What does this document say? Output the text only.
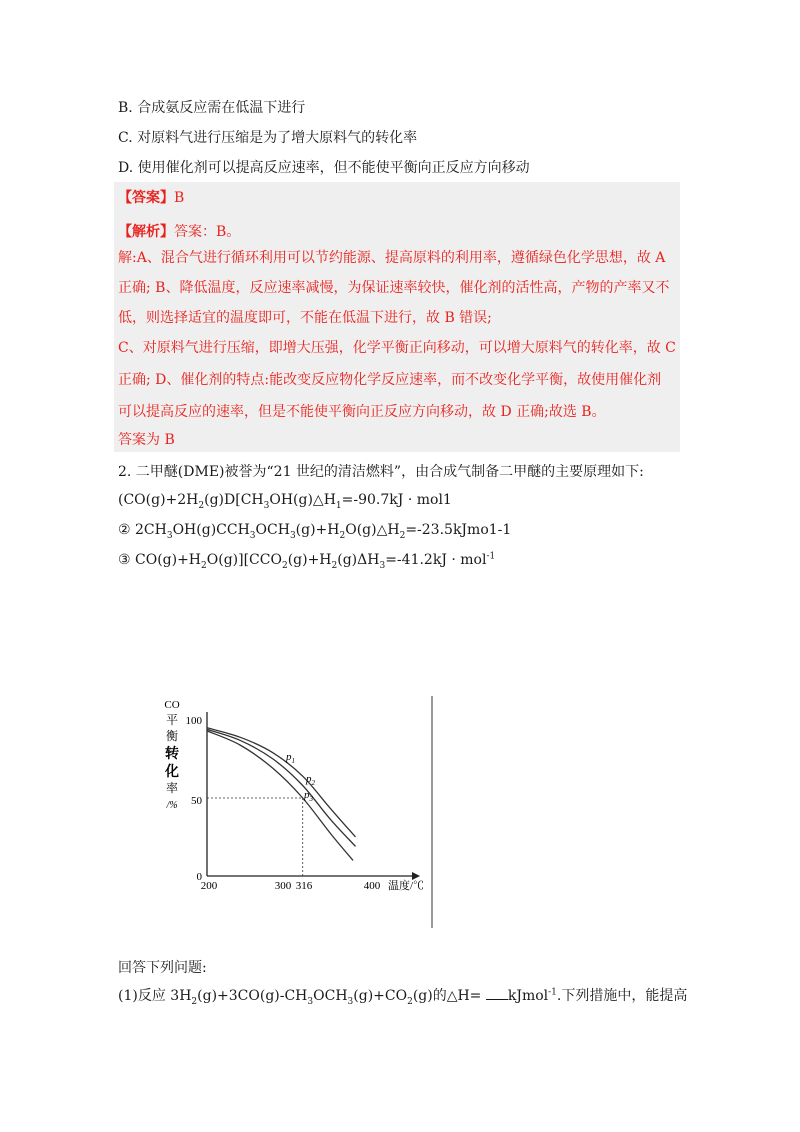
B. 合成氨反应需在低温下进行
C. 对原料气进行压缩是为了增大原料气的转化率
D. 使用催化剂可以提高反应速率，但不能使平衡向正反应方向移动
【答案】B
【解析】答案：B。
解:A、混合气进行循环利用可以节约能源、提高原料的利用率，遵循绿色化学思想，故 A
正确; B、降低温度，反应速率减慢，为保证速率较快，催化剂的活性高，产物的产率又不
低，则选择适宜的温度即可，不能在低温下进行，故 B 错误;
C、对原料气进行压缩，即增大压强，化学平衡正向移动，可以增大原料气的转化率，故 C
正确; D、催化剂的特点:能改变反应物化学反应速率，而不改变化学平衡，故使用催化剂
可以提高反应的速率，但是不能使平衡向正反应方向移动，故 D 正确;故选 B。
答案为 B
2. 二甲醚(DME)被誉为“21 世纪的清洁燃料”，由合成气制备二甲醚的主要原理如下:
($CO(g)+2H_2(g)D[CH_3OH(g)\triangle H_1=-90.7kJ \cdot mol1$
② $2CH_3OH(g)CCH_3OCH_3(g)+H_2O(g)\triangle H_2=-23.5kJmo1-1$
③ $CO(g)+H_2O(g)][CCO_2(g)+H_2(g)\Delta H_3=-41.2kJ \cdot mol^{-1}$
CO
平
衡
转
化
率
/%
100
50
0
200	300 316	400 温度/℃
$p_1$
$p_2$
$p_3$
回答下列问题:
(1)反应 $3H_2(g)+3CO(g)-CH_3OCH_3(g)+CO_2(g)$的△H= kJmol$^{-1}$.下列措施中，能提高
